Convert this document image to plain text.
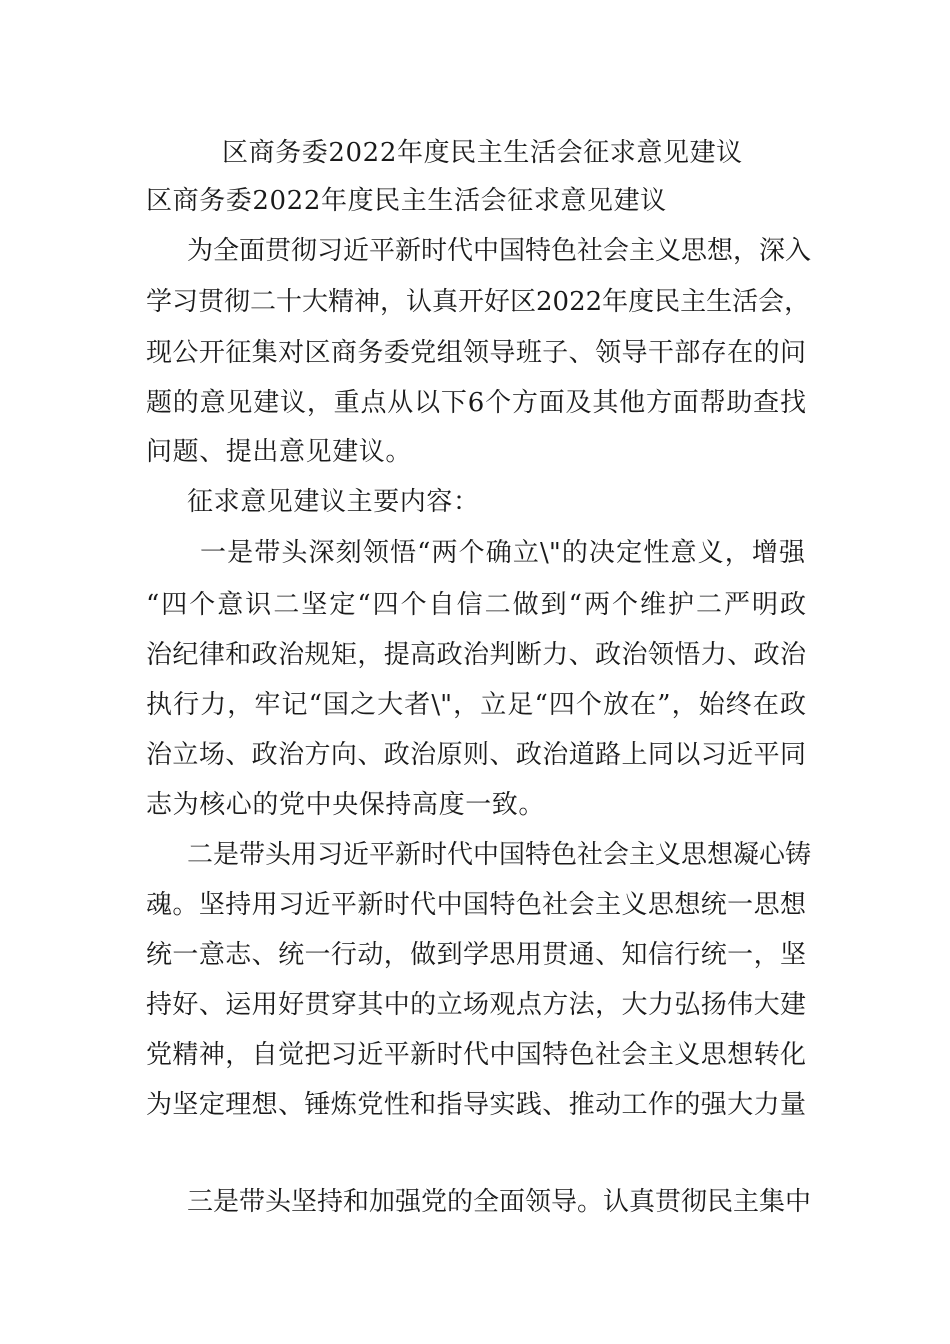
区商务委2022年度民主生活会征求意见建议
区商务委2022年度民主生活会征求意见建议
为全面贯彻习近平新时代中国特色社会主义思想，深入
学习贯彻二十大精神，认真开好区2022年度民主生活会，
现公开征集对区商务委党组领导班子、领导干部存在的问
题的意见建议，重点从以下6个方面及其他方面帮助查找
问题、提出意见建议。
征求意见建议主要内容：
一是带头深刻领悟“两个确立\"的决定性意义，增强
“四个意识二坚定“四个自信二做到“两个维护二严明政
治纪律和政治规矩，提高政治判断力、政治领悟力、政治
执行力，牢记“国之大者\"，立足“四个放在”，始终在政
治立场、政治方向、政治原则、政治道路上同以习近平同
志为核心的党中央保持高度一致。
二是带头用习近平新时代中国特色社会主义思想凝心铸
魂。坚持用习近平新时代中国特色社会主义思想统一思想
统一意志、统一行动，做到学思用贯通、知信行统一，坚
持好、运用好贯穿其中的立场观点方法，大力弘扬伟大建
党精神，自觉把习近平新时代中国特色社会主义思想转化
为坚定理想、锤炼党性和指导实践、推动工作的强大力量
三是带头坚持和加强党的全面领导。认真贯彻民主集中
